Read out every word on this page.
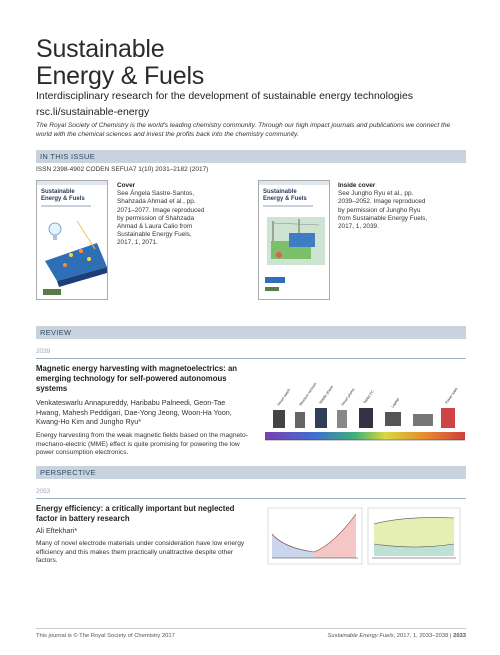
Sustainable
Energy & Fuels
Interdisciplinary research for the development of sustainable energy technologies
rsc.li/sustainable-energy
The Royal Society of Chemistry is the world's leading chemistry community. Through our high impact journals and publications we connect the world with the chemical sciences and invest the profits back into the chemistry community.
IN THIS ISSUE
ISSN 2398-4902 CODEN SEFUA7 1(10) 2031–2182 (2017)
Sustainable
Energy & Fuels
Cover
See Ángela Sastre-Santos, Shahzada Ahmad et al., pp. 2071–2077. Image reproduced by permission of Shahzada Ahmad & Laura Calio from Sustainable Energy Fuels, 2017, 1, 2071.
Sustainable
Energy & Fuels
Inside cover
See Jungho Ryu et al., pp. 2039–2052. Image reproduced by permission of Jungho Ryu from Sustainable Energy Fuels, 2017, 1, 2039.
REVIEW
2039
Magnetic energy harvesting with magnetoelectrics: an emerging technology for self-powered autonomous systems
Venkateswarlu Annapureddy, Haribabu Palneedi, Geon-Tae Hwang, Mahesh Peddigari, Dae-Yong Jeong, Woon-Ha Yoon, Kwang-Ho Kim and Jungho Ryu*
Energy harvesting from the weak magnetic fields based on the magneto-mechano-electric (MME) effect is quite promising for powering the low power consumption electronics.
Smart watch Wireless sensors Mobile phone Smart phone Tablet PC	Laptop	Power tools
PERSPECTIVE
2053
Energy efficiency: a critically important but neglected factor in battery research
Ali Eftekhari*
Many of novel electrode materials under consideration have low energy efficiency and this makes them practically unattractive despite other factors.
This journal is © The Royal Society of Chemistry 2017	Sustainable Energy Fuels, 2017, 1, 2033–2038 | 2033
